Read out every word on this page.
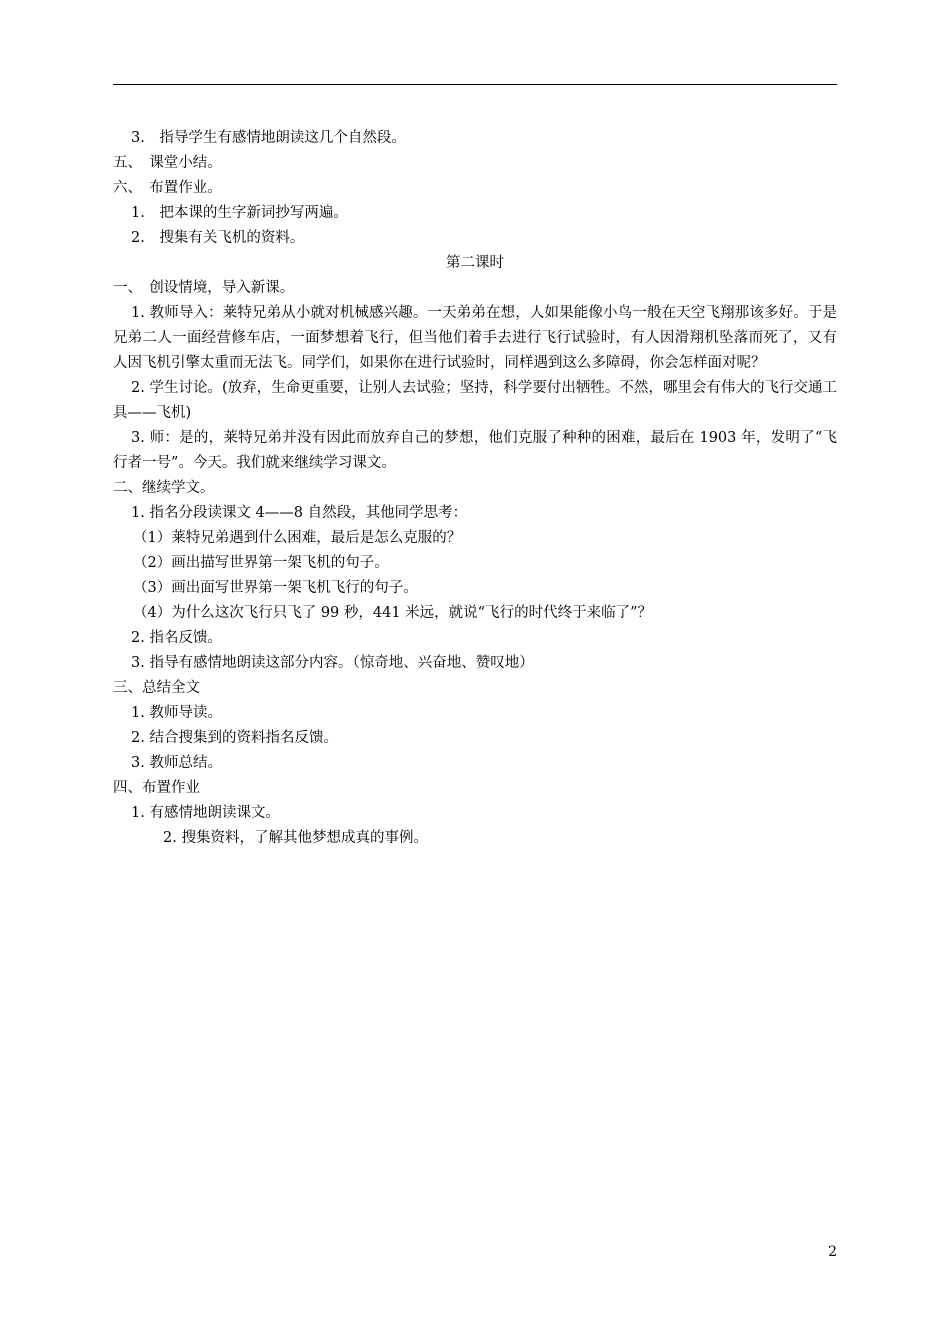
3.　指导学生有感情地朗读这几个自然段。
五、　课堂小结。
六、　布置作业。
1.　把本课的生字新词抄写两遍。
2.　搜集有关飞机的资料。
第二课时
一、　创设情境，导入新课。
1. 教师导入：莱特兄弟从小就对机械感兴趣。一天弟弟在想，人如果能像小鸟一般在天空飞翔那该多好。于是兄弟二人一面经营修车店，一面梦想着飞行，但当他们着手去进行飞行试验时，有人因滑翔机坠落而死了，又有人因飞机引擎太重而无法飞。同学们，如果你在进行试验时，同样遇到这么多障碍，你会怎样面对呢？
2. 学生讨论。(放弃，生命更重要，让别人去试验；坚持，科学要付出牺牲。不然，哪里会有伟大的飞行交通工具——飞机)
3. 师：是的，莱特兄弟并没有因此而放弃自己的梦想，他们克服了种种的困难，最后在 1903 年，发明了“飞行者一号”。今天。我们就来继续学习课文。
二、继续学文。
1. 指名分段读课文 4——8 自然段，其他同学思考：
（1）莱特兄弟遇到什么困难，最后是怎么克服的？
（2）画出描写世界第一架飞机的句子。
（3）画出面写世界第一架飞机飞行的句子。
（4）为什么这次飞行只飞了 99 秒，441 米远，就说“飞行的时代终于来临了”？
2. 指名反馈。
3. 指导有感情地朗读这部分内容。（惊奇地、兴奋地、赞叹地）
三、总结全文
1. 教师导读。
2. 结合搜集到的资料指名反馈。
3. 教师总结。
四、布置作业
1. 有感情地朗读课文。
2. 搜集资料，了解其他梦想成真的事例。
2
